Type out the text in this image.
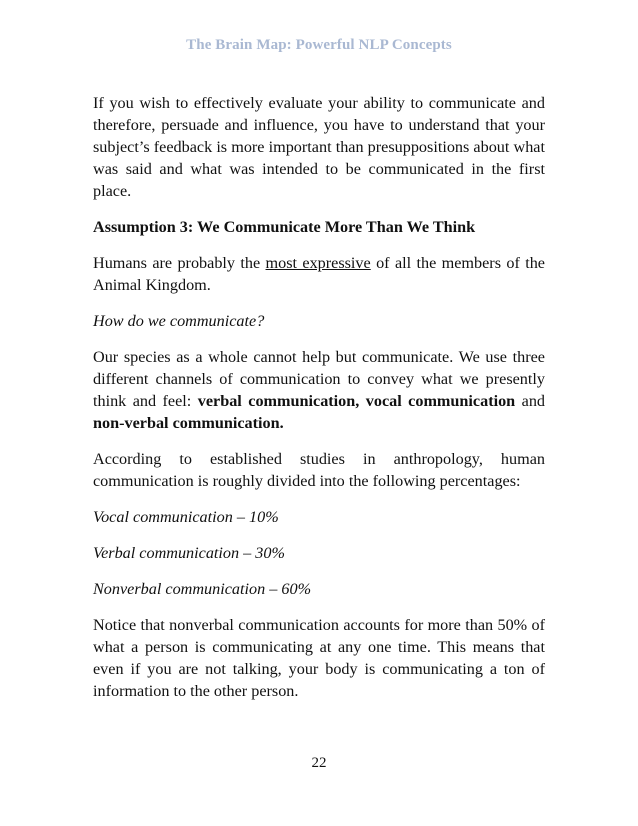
The Brain Map: Powerful NLP Concepts

If you wish to effectively evaluate your ability to communicate and therefore, persuade and influence, you have to understand that your subject’s feedback is more important than presuppositions about what was said and what was intended to be communicated in the first place.

Assumption 3: We Communicate More Than We Think

Humans are probably the most expressive of all the members of the Animal Kingdom.

How do we communicate?

Our species as a whole cannot help but communicate. We use three different channels of communication to convey what we presently think and feel: verbal communication, vocal communication and non-verbal communication.

According to established studies in anthropology, human communication is roughly divided into the following percentages:

Vocal communication – 10%

Verbal communication – 30%

Nonverbal communication – 60%

Notice that nonverbal communication accounts for more than 50% of what a person is communicating at any one time. This means that even if you are not talking, your body is communicating a ton of information to the other person.

22
